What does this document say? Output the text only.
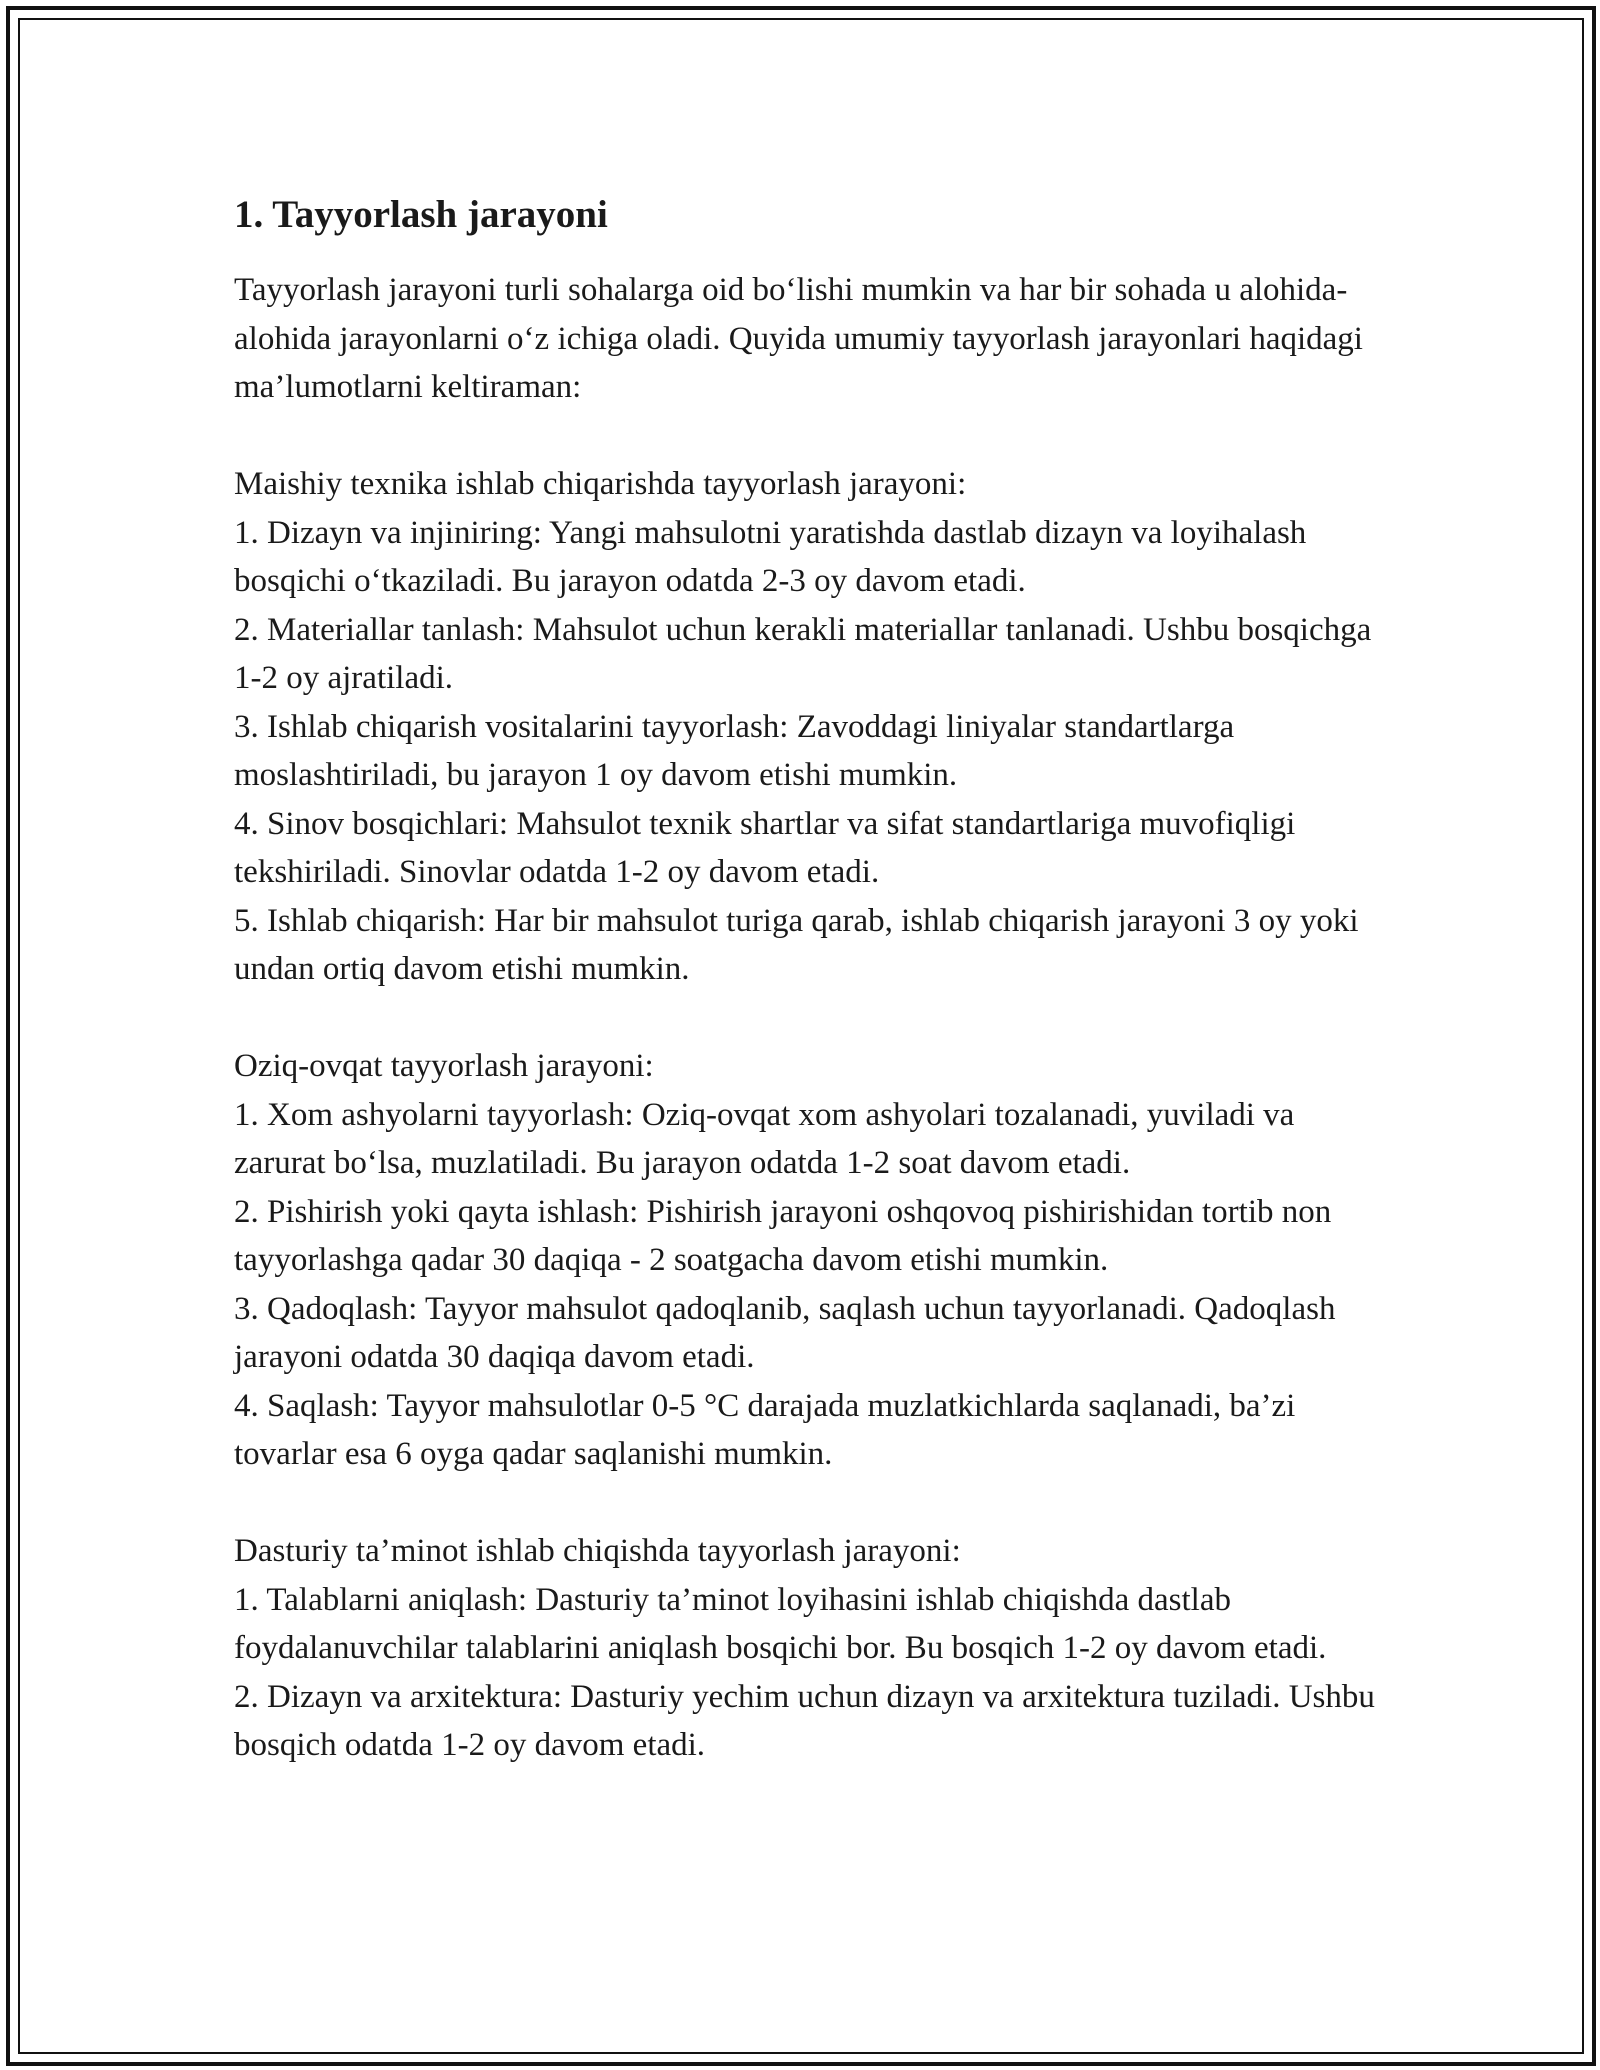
1. Tayyorlash jarayoni

Tayyorlash jarayoni turli sohalarga oid bo‘lishi mumkin va har bir sohada u alohida-alohida jarayonlarni o‘z ichiga oladi. Quyida umumiy tayyorlash jarayonlari haqidagi ma’lumotlarni keltiraman:

Maishiy texnika ishlab chiqarishda tayyorlash jarayoni:

1. Dizayn va injiniring: Yangi mahsulotni yaratishda dastlab dizayn va loyihalash bosqichi o‘tkaziladi. Bu jarayon odatda 2-3 oy davom etadi.

2. Materiallar tanlash: Mahsulot uchun kerakli materiallar tanlanadi. Ushbu bosqichga 1-2 oy ajratiladi.

3. Ishlab chiqarish vositalarini tayyorlash: Zavoddagi liniyalar standartlarga moslashtiriladi, bu jarayon 1 oy davom etishi mumkin.

4. Sinov bosqichlari: Mahsulot texnik shartlar va sifat standartlariga muvofiqligi tekshiriladi. Sinovlar odatda 1-2 oy davom etadi.

5. Ishlab chiqarish: Har bir mahsulot turiga qarab, ishlab chiqarish jarayoni 3 oy yoki undan ortiq davom etishi mumkin.

Oziq-ovqat tayyorlash jarayoni:

1. Xom ashyolarni tayyorlash: Oziq-ovqat xom ashyolari tozalanadi, yuviladi va zarurat bo‘lsa, muzlatiladi. Bu jarayon odatda 1-2 soat davom etadi.

2. Pishirish yoki qayta ishlash: Pishirish jarayoni oshqovoq pishirishidan tortib non tayyorlashga qadar 30 daqiqa - 2 soatgacha davom etishi mumkin.

3. Qadoqlash: Tayyor mahsulot qadoqlanib, saqlash uchun tayyorlanadi. Qadoqlash jarayoni odatda 30 daqiqa davom etadi.

4. Saqlash: Tayyor mahsulotlar 0-5 °C darajada muzlatkichlarda saqlanadi, ba’zi tovarlar esa 6 oyga qadar saqlanishi mumkin.

Dasturiy ta’minot ishlab chiqishda tayyorlash jarayoni:

1. Talablarni aniqlash: Dasturiy ta’minot loyihasini ishlab chiqishda dastlab foydalanuvchilar talablarini aniqlash bosqichi bor. Bu bosqich 1-2 oy davom etadi.

2. Dizayn va arxitektura: Dasturiy yechim uchun dizayn va arxitektura tuziladi. Ushbu bosqich odatda 1-2 oy davom etadi.
